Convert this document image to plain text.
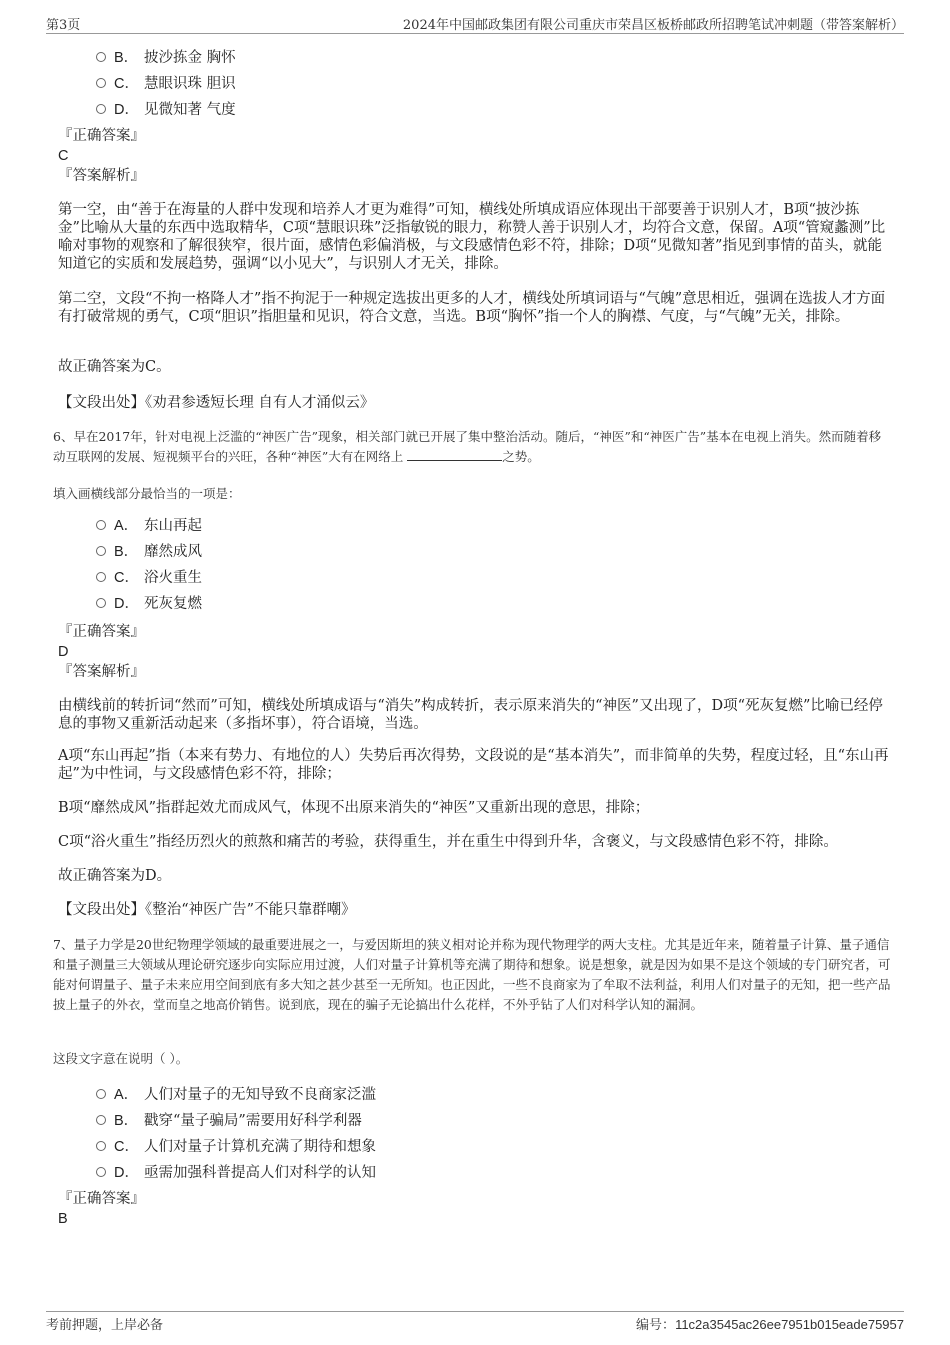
第3页	2024年中国邮政集团有限公司重庆市荣昌区板桥邮政所招聘笔试冲刺题（带答案解析）
B． 披沙拣金 胸怀
C． 慧眼识珠 胆识
D． 见微知著 气度
『正确答案』
C
『答案解析』
第一空，由“善于在海量的人群中发现和培养人才更为难得”可知，横线处所填成语应体现出干部要善于识别人才，B项“披沙拣金”比喻从大量的东西中选取精华，C项“慧眼识珠”泛指敏锐的眼力，称赞人善于识别人才，均符合文意，保留。A项“管窥蠡测”比喻对事物的观察和了解很狭窄，很片面，感情色彩偏消极，与文段感情色彩不符，排除；D项“见微知著”指见到事情的苗头，就能知道它的实质和发展趋势，强调“以小见大”，与识别人才无关，排除。
第二空，文段“不拘一格降人才”指不拘泥于一种规定选拔出更多的人才，横线处所填词语与“气魄”意思相近，强调在选拔人才方面有打破常规的勇气，C项“胆识”指胆量和见识，符合文意，当选。B项“胸怀”指一个人的胸襟、气度，与“气魄”无关，排除。
故正确答案为C。
【文段出处】《劝君参透短长理 自有人才涌似云》
6、早在2017年，针对电视上泛滥的“神医广告”现象，相关部门就已开展了集中整治活动。随后，“神医”和“神医广告”基本在电视上消失。然而随着移动互联网的发展、短视频平台的兴旺，各种“神医”大有在网络上	之势。
填入画横线部分最恰当的一项是：
A． 东山再起
B． 靡然成风
C． 浴火重生
D． 死灰复燃
『正确答案』
D
『答案解析』
由横线前的转折词“然而”可知，横线处所填成语与“消失”构成转折，表示原来消失的“神医”又出现了，D项“死灰复燃”比喻已经停息的事物又重新活动起来（多指坏事），符合语境，当选。
A项“东山再起”指（本来有势力、有地位的人）失势后再次得势，文段说的是“基本消失”，而非简单的失势，程度过轻，且“东山再起”为中性词，与文段感情色彩不符，排除；
B项“靡然成风”指群起效尤而成风气，体现不出原来消失的“神医”又重新出现的意思，排除；
C项“浴火重生”指经历烈火的煎熬和痛苦的考验，获得重生，并在重生中得到升华，含褒义，与文段感情色彩不符，排除。
故正确答案为D。
【文段出处】《整治“神医广告”不能只靠群嘲》
7、量子力学是20世纪物理学领域的最重要进展之一，与爱因斯坦的狭义相对论并称为现代物理学的两大支柱。尤其是近年来，随着量子计算、量子通信和量子测量三大领域从理论研究逐步向实际应用过渡，人们对量子计算机等充满了期待和想象。说是想象，就是因为如果不是这个领域的专门研究者，可能对何谓量子、量子未来应用空间到底有多大知之甚少甚至一无所知。也正因此，一些不良商家为了牟取不法利益，利用人们对量子的无知，把一些产品披上量子的外衣，堂而皇之地高价销售。说到底，现在的骗子无论搞出什么花样，不外乎钻了人们对科学认知的漏洞。
这段文字意在说明（ ）。
A． 人们对量子的无知导致不良商家泛滥
B． 戳穿“量子骗局”需要用好科学利器
C． 人们对量子计算机充满了期待和想象
D． 亟需加强科普提高人们对科学的认知
『正确答案』
B
考前押题，上岸必备	编号：11c2a3545ac26ee7951b015eade75957
